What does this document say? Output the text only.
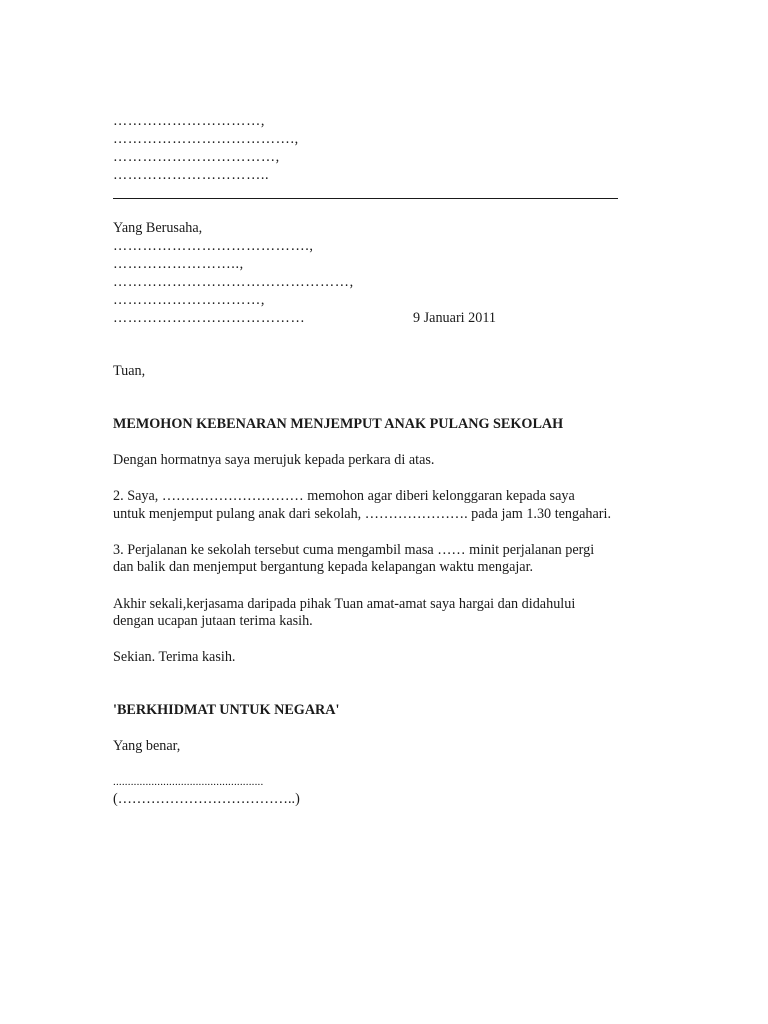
…………………………,
……………………………….,
……………………………,
…………………………..
Yang Berusaha,
………………………………….,
……………………..,
…………………………………………,
…………………………,
…………………………………	9 Januari 2011
Tuan,
MEMOHON KEBENARAN MENJEMPUT ANAK PULANG SEKOLAH
Dengan hormatnya saya merujuk kepada perkara di atas.
2. Saya, ………………………… memohon agar diberi kelonggaran kepada saya
untuk menjemput pulang anak dari sekolah, …………………. pada jam 1.30 tengahari.
3. Perjalanan ke sekolah tersebut cuma mengambil masa …… minit perjalanan pergi
dan balik dan menjemput bergantung kepada kelapangan waktu mengajar.
Akhir sekali,kerjasama daripada pihak Tuan amat-amat saya hargai dan didahului
dengan ucapan jutaan terima kasih.
Sekian. Terima kasih.
'BERKHIDMAT UNTUK NEGARA'
Yang benar,
...................................................
(………………………………..)
